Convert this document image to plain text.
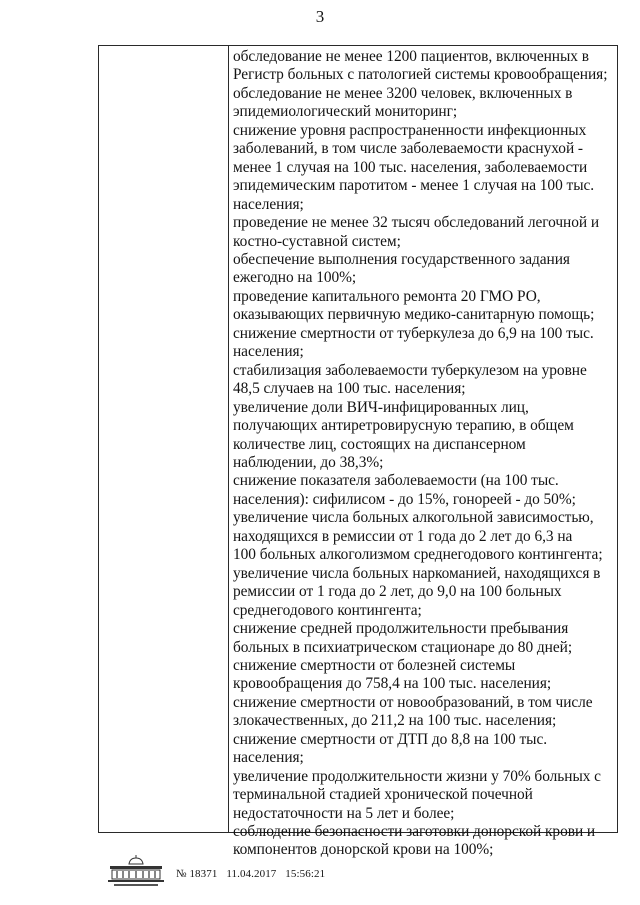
3

обследование не менее 1200 пациентов, включенных в

Регистр больных с патологией системы кровообращения;

обследование не менее 3200 человек, включенных в

эпидемиологический мониторинг;

снижение уровня распространенности инфекционных

заболеваний, в том числе заболеваемости краснухой -

менее 1 случая на 100 тыс. населения, заболеваемости

эпидемическим паротитом - менее 1 случая на 100 тыс.

населения;

проведение не менее 32 тысяч обследований легочной и

костно-суставной систем;

обеспечение выполнения государственного задания

ежегодно на 100%;

проведение капитального ремонта 20 ГМО РО,

оказывающих первичную медико-санитарную помощь;

снижение смертности от туберкулеза до 6,9 на 100 тыс.

населения;

стабилизация заболеваемости туберкулезом на уровне

48,5 случаев на 100 тыс. населения;

увеличение доли ВИЧ-инфицированных лиц,

получающих антиретровирусную терапию, в общем

количестве лиц, состоящих на диспансерном

наблюдении, до 38,3%;

снижение показателя заболеваемости (на 100 тыс.

населения): сифилисом - до 15%, гонореей - до 50%;

увеличение числа больных алкогольной зависимостью,

находящихся в ремиссии от 1 года до 2 лет до 6,3 на

100 больных алкоголизмом среднегодового контингента;

увеличение числа больных наркоманией, находящихся в

ремиссии от 1 года до 2 лет, до 9,0 на 100 больных

среднегодового контингента;

снижение средней продолжительности пребывания

больных в психиатрическом стационаре до 80 дней;

снижение смертности от болезней системы

кровообращения до 758,4 на 100 тыс. населения;

снижение смертности от новообразований, в том числе

злокачественных, до 211,2 на 100 тыс. населения;

снижение смертности от ДТП до 8,8 на 100 тыс.

населения;

увеличение продолжительности жизни у 70% больных с

терминальной стадией хронической почечной

недостаточности на 5 лет и более;

соблюдение безопасности заготовки донорской крови и

компонентов донорской крови на 100%;

№ 18371 11.04.2017 15:56:21
